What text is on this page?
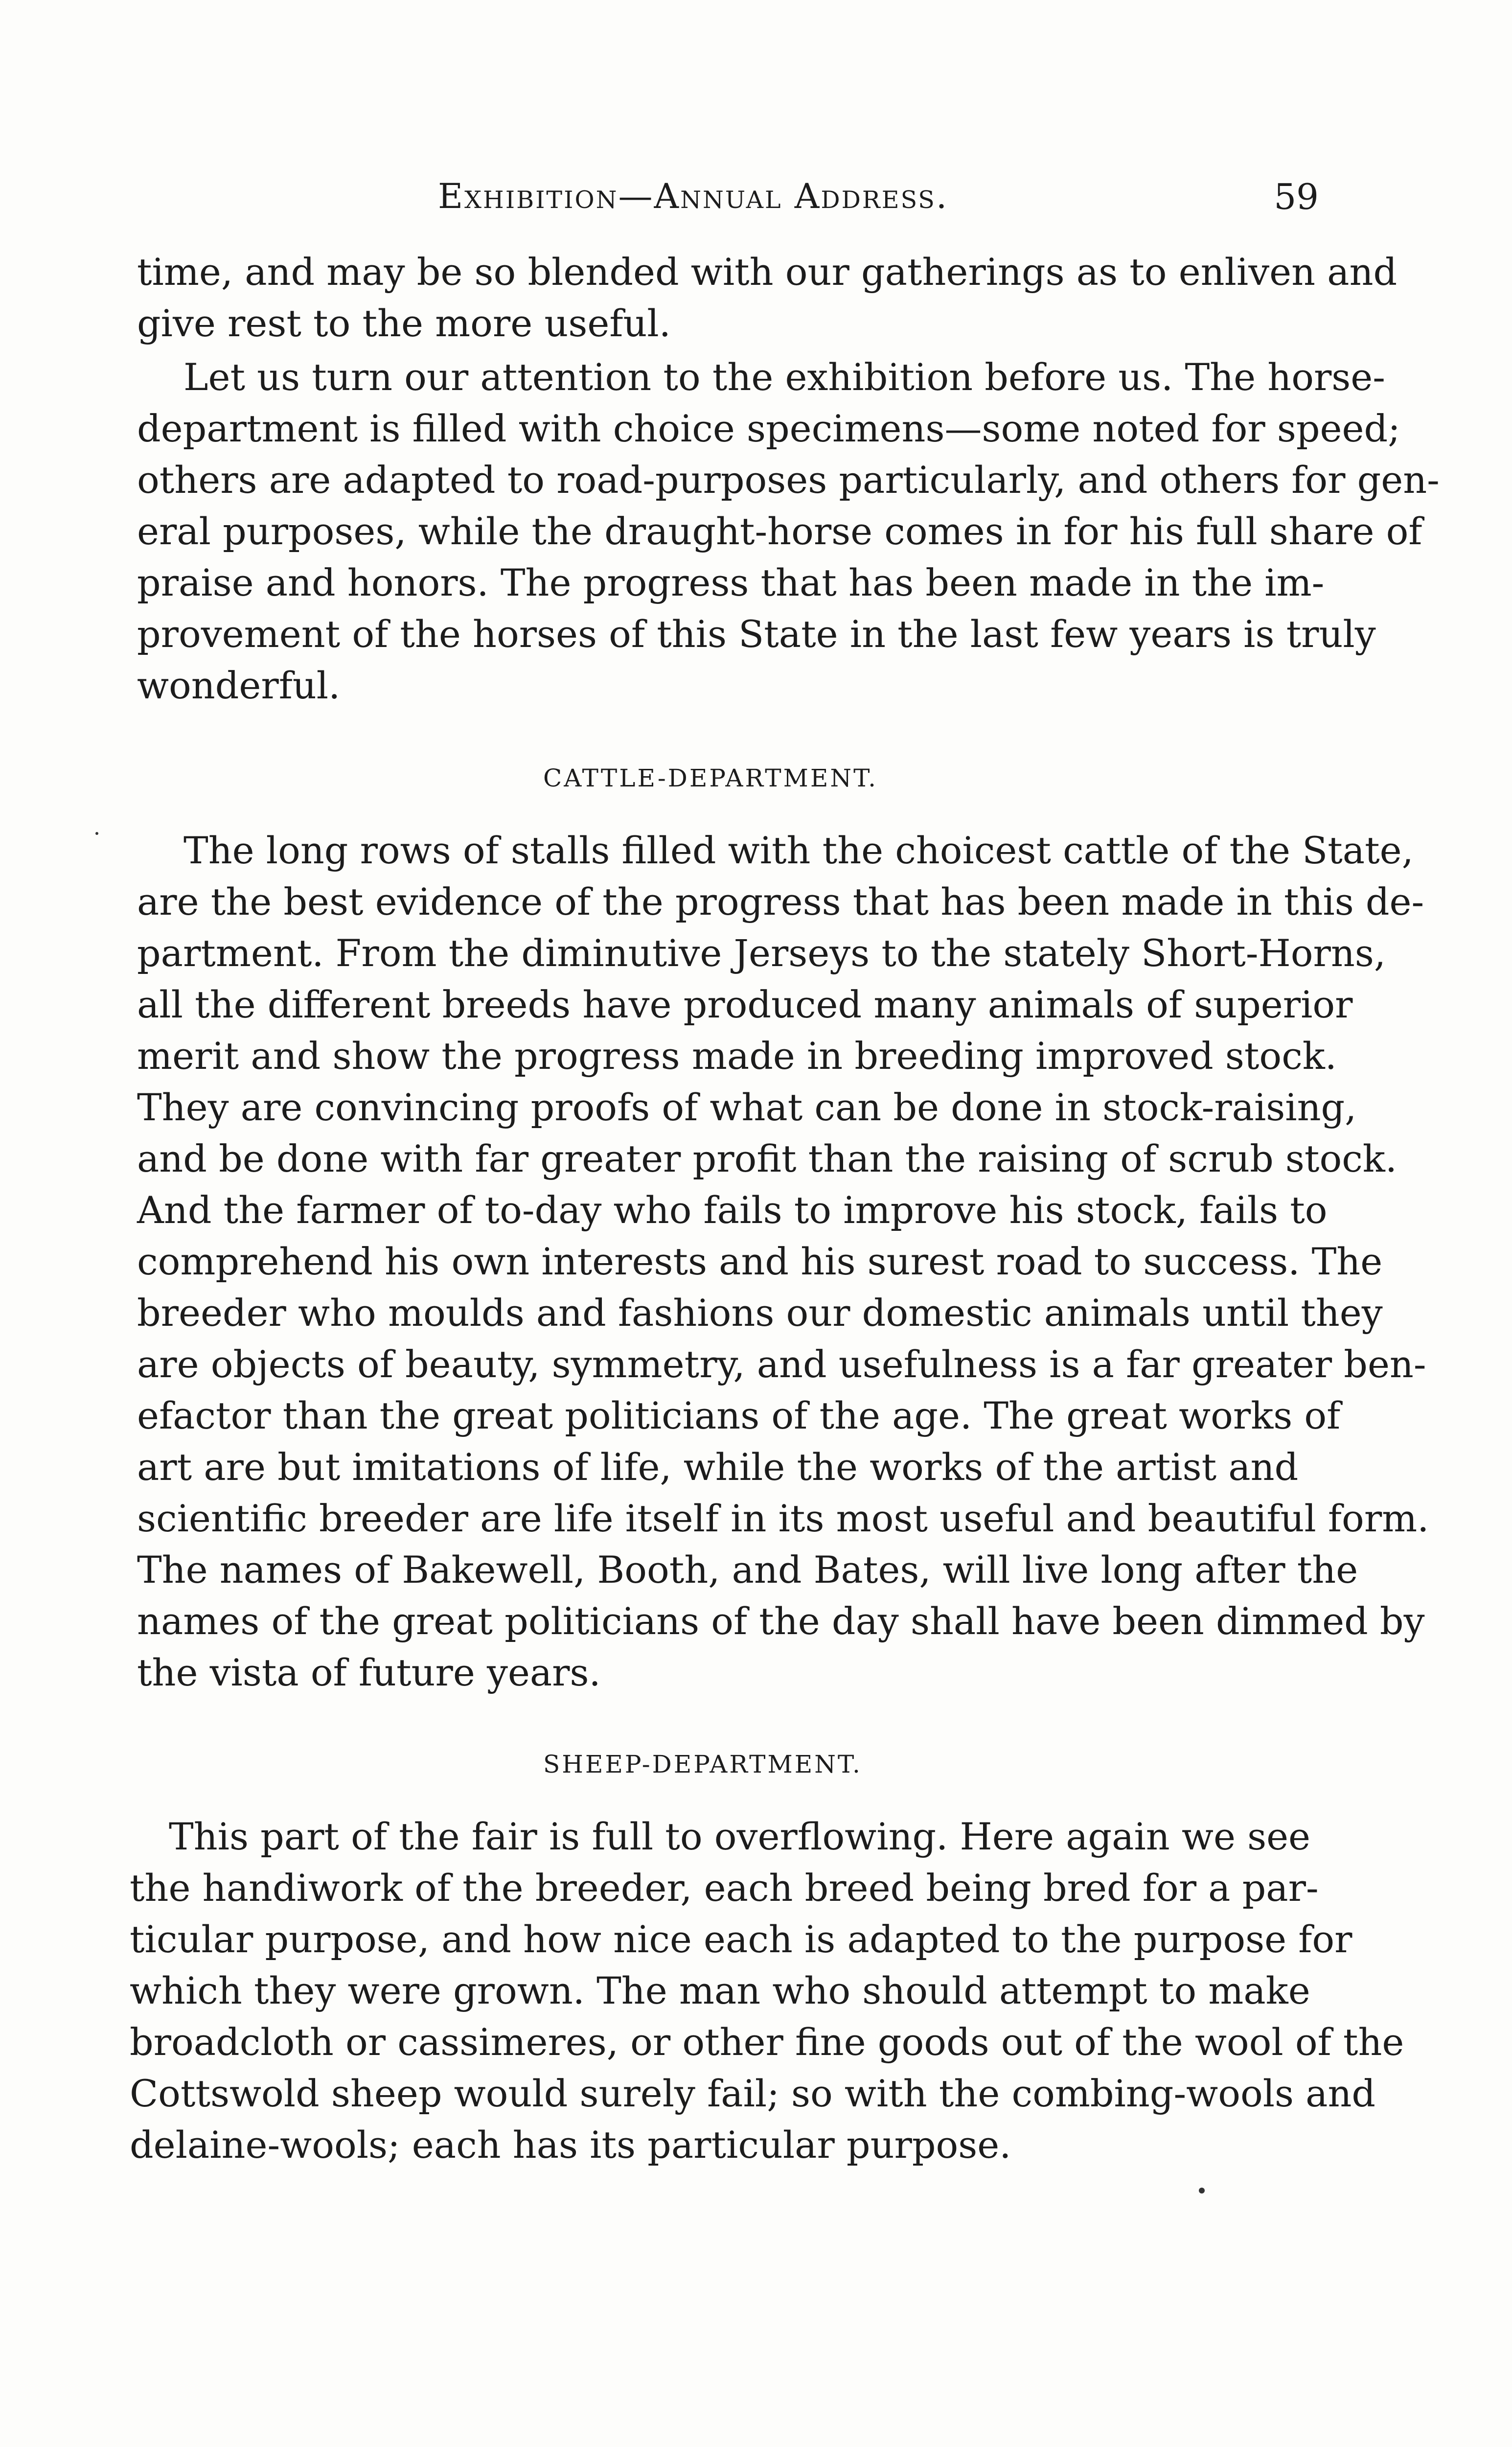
Exhibition—Annual Address.	59
time, and may be so blended with our gatherings as to enliven and
give rest to the more useful.
Let us turn our attention to the exhibition before us. The horse-
department is filled with choice specimens—some noted for speed;
others are adapted to road-purposes particularly, and others for gen-
eral purposes, while the draught-horse comes in for his full share of
praise and honors. The progress that has been made in the im-
provement of the horses of this State in the last few years is truly
wonderful.
CATTLE-DEPARTMENT.
The long rows of stalls filled with the choicest cattle of the State,
are the best evidence of the progress that has been made in this de-
partment. From the diminutive Jerseys to the stately Short-Horns,
all the different breeds have produced many animals of superior
merit and show the progress made in breeding improved stock.
They are convincing proofs of what can be done in stock-raising,
and be done with far greater profit than the raising of scrub stock.
And the farmer of to-day who fails to improve his stock, fails to
comprehend his own interests and his surest road to success. The
breeder who moulds and fashions our domestic animals until they
are objects of beauty, symmetry, and usefulness is a far greater ben-
efactor than the great politicians of the age. The great works of
art are but imitations of life, while the works of the artist and
scientific breeder are life itself in its most useful and beautiful form.
The names of Bakewell, Booth, and Bates, will live long after the
names of the great politicians of the day shall have been dimmed by
the vista of future years.
SHEEP-DEPARTMENT.
This part of the fair is full to overflowing. Here again we see
the handiwork of the breeder, each breed being bred for a par-
ticular purpose, and how nice each is adapted to the purpose for
which they were grown. The man who should attempt to make
broadcloth or cassimeres, or other fine goods out of the wool of the
Cottswold sheep would surely fail; so with the combing-wools and
delaine-wools; each has its particular purpose.
